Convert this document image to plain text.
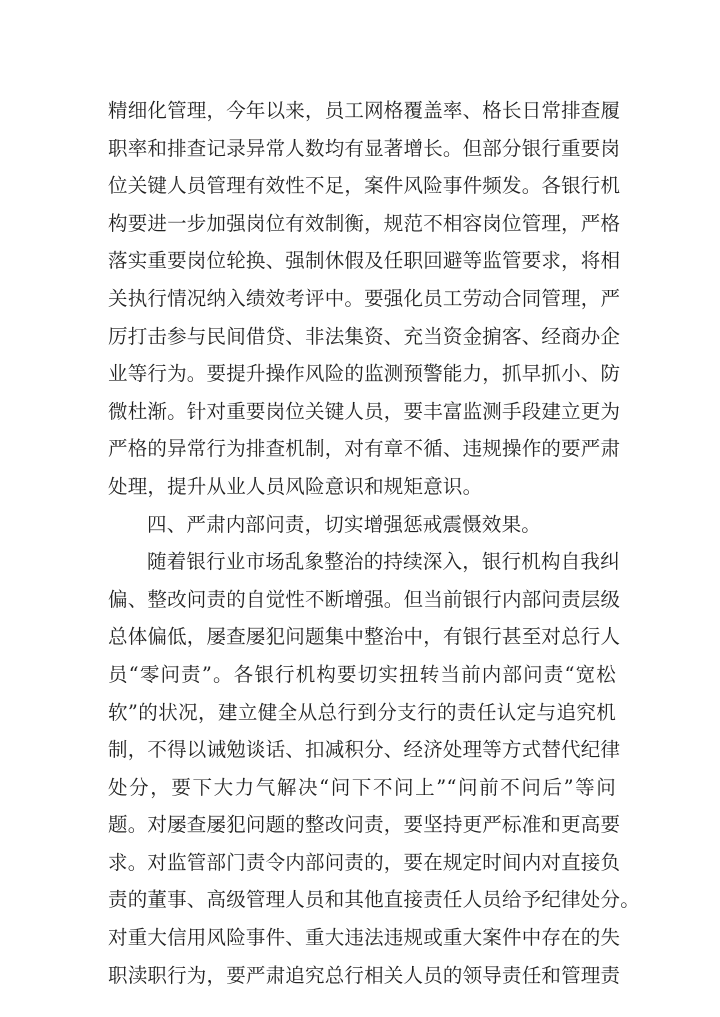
精细化管理，今年以来，员工网格覆盖率、格长日常排查履
职率和排查记录异常人数均有显著增长。但部分银行重要岗
位关键人员管理有效性不足，案件风险事件频发。各银行机
构要进一步加强岗位有效制衡，规范不相容岗位管理，严格
落实重要岗位轮换、强制休假及任职回避等监管要求，将相
关执行情况纳入绩效考评中。要强化员工劳动合同管理，严
厉打击参与民间借贷、非法集资、充当资金掮客、经商办企
业等行为。要提升操作风险的监测预警能力，抓早抓小、防
微杜渐。针对重要岗位关键人员，要丰富监测手段建立更为
严格的异常行为排查机制，对有章不循、违规操作的要严肃
处理，提升从业人员风险意识和规矩意识。
四、严肃内部问责，切实增强惩戒震慑效果。
随着银行业市场乱象整治的持续深入，银行机构自我纠
偏、整改问责的自觉性不断增强。但当前银行内部问责层级
总体偏低，屡查屡犯问题集中整治中，有银行甚至对总行人
员“零问责”。各银行机构要切实扭转当前内部问责“宽松
软”的状况，建立健全从总行到分支行的责任认定与追究机
制，不得以诫勉谈话、扣减积分、经济处理等方式替代纪律
处分，要下大力气解决“问下不问上”“问前不问后”等问
题。对屡查屡犯问题的整改问责，要坚持更严标准和更高要
求。对监管部门责令内部问责的，要在规定时间内对直接负
责的董事、高级管理人员和其他直接责任人员给予纪律处分。
对重大信用风险事件、重大违法违规或重大案件中存在的失
职渎职行为，要严肃追究总行相关人员的领导责任和管理责
